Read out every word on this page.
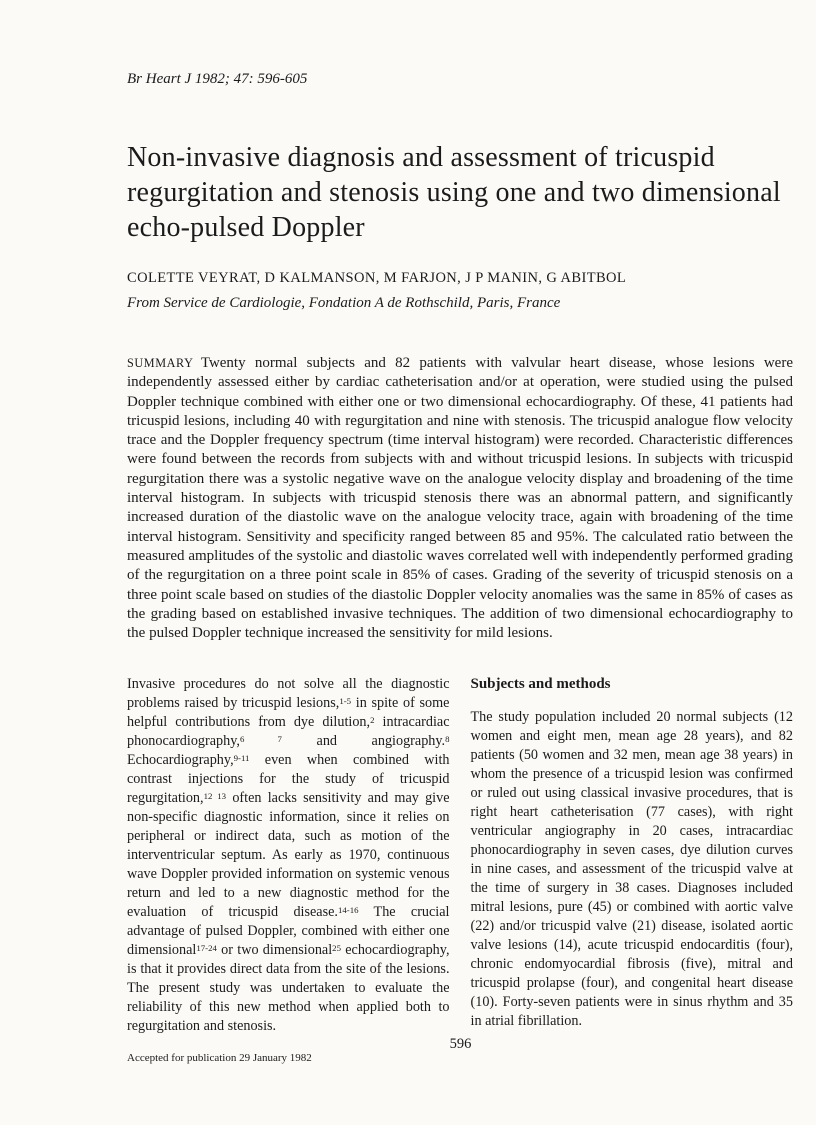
Br Heart J 1982; 47: 596-605
Non-invasive diagnosis and assessment of tricuspid regurgitation and stenosis using one and two dimensional echo-pulsed Doppler
COLETTE VEYRAT, D KALMANSON, M FARJON, J P MANIN, G ABITBOL
From Service de Cardiologie, Fondation A de Rothschild, Paris, France

SUMMARY Twenty normal subjects and 82 patients with valvular heart disease, whose lesions were independently assessed either by cardiac catheterisation and/or at operation, were studied using the pulsed Doppler technique combined with either one or two dimensional echocardiography. Of these, 41 patients had tricuspid lesions, including 40 with regurgitation and nine with stenosis. The tricuspid analogue flow velocity trace and the Doppler frequency spectrum (time interval histogram) were recorded. Characteristic differences were found between the records from subjects with and without tricuspid lesions. In subjects with tricuspid regurgitation there was a systolic negative wave on the analogue velocity display and broadening of the time interval histogram. In subjects with tricuspid stenosis there was an abnormal pattern, and significantly increased duration of the diastolic wave on the analogue velocity trace, again with broadening of the time interval histogram. Sensitivity and specificity ranged between 85 and 95%. The calculated ratio between the measured amplitudes of the systolic and diastolic waves correlated well with independently performed grading of the regurgitation on a three point scale in 85% of cases. Grading of the severity of tricuspid stenosis on a three point scale based on studies of the diastolic Doppler velocity anomalies was the same in 85% of cases as the grading based on established invasive techniques. The addition of two dimensional echocardiography to the pulsed Doppler technique increased the sensitivity for mild lesions.

Invasive procedures do not solve all the diagnostic problems raised by tricuspid lesions,$^{1-5}$ in spite of some helpful contributions from dye dilution,$^2$ intracardiac phonocardiography,$^{6 7}$ and angiography.$^8$ Echocardiography,$^{9-11}$ even when combined with contrast injections for the study of tricuspid regurgitation,$^{12 13}$ often lacks sensitivity and may give non-specific diagnostic information, since it relies on peripheral or indirect data, such as motion of the interventricular septum. As early as 1970, continuous wave Doppler provided information on systemic venous return and led to a new diagnostic method for the evaluation of tricuspid disease.$^{14-16}$ The crucial advantage of pulsed Doppler, combined with either one dimensional$^{17-24}$ or two dimensional$^{25}$ echocardiography, is that it provides direct data from the site of the lesions. The present study was undertaken to evaluate the reliability of this new method when applied both to regurgitation and stenosis.

Accepted for publication 29 January 1982
Subjects and methods

The study population included 20 normal subjects (12 women and eight men, mean age 28 years), and 82 patients (50 women and 32 men, mean age 38 years) in whom the presence of a tricuspid lesion was confirmed or ruled out using classical invasive procedures, that is right heart catheterisation (77 cases), with right ventricular angiography in 20 cases, intracardiac phonocardiography in seven cases, dye dilution curves in nine cases, and assessment of the tricuspid valve at the time of surgery in 38 cases. Diagnoses included mitral lesions, pure (45) or combined with aortic valve (22) and/or tricuspid valve (21) disease, isolated aortic valve lesions (14), acute tricuspid endocarditis (four), chronic endomyocardial fibrosis (five), mitral and tricuspid prolapse (four), and congenital heart disease (10). Forty-seven patients were in sinus rhythm and 35 in atrial fibrillation.

596
